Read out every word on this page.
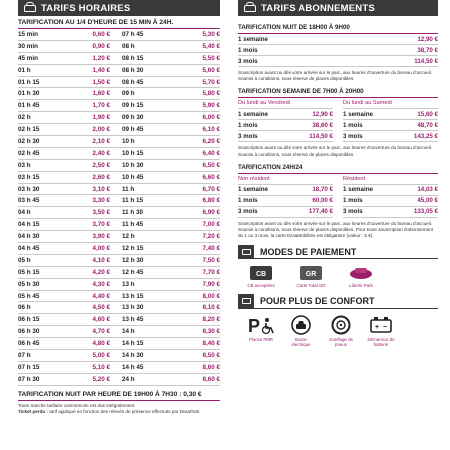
TARIFS HORAIRES
TARIFICATION AU 1/4 D'HEURE DE 15 MIN À 24H.
15 min	0,60 €	07 h 45	5,30 €
30 min	0,90 €	08 h	5,40 €
45 min	1,20 €	08 h 15	5,50 €
01 h	1,40 €	08 h 30	5,60 €
01 h 15	1,50 €	08 h 45	5,70 €
01 h 30	1,60 €	09 h	5,80 €
01 h 45	1,70 €	09 h 15	5,90 €
02 h	1,90 €	09 h 30	6,00 €
02 h 15	2,00 €	09 h 45	6,10 €
02 h 30	2,10 €	10 h	6,20 €
02 h 45	2,40 €	10 h 15	6,40 €
03 h	2,50 €	10 h 30	6,50 €
03 h 15	2,60 €	10 h 45	6,60 €
03 h 30	3,10 €	11 h	6,70 €
03 h 45	3,30 €	11 h 15	6,80 €
04 h	3,50 €	11 h 30	6,90 €
04 h 15	3,70 €	11 h 45	7,00 €
04 h 30	3,90 €	12 h	7,20 €
04 h 45	4,00 €	12 h 15	7,40 €
05 h	4,10 €	12 h 30	7,50 €
05 h 15	4,20 €	12 h 45	7,70 €
05 h 30	4,30 €	13 h	7,90 €
05 h 45	4,40 €	13 h 15	8,00 €
06 h	4,50 €	13 h 30	8,10 €
06 h 15	4,60 €	13 h 45	8,20 €
06 h 30	4,70 €	14 h	8,30 €
06 h 45	4,80 €	14 h 15	8,40 €
07 h	5,00 €	14 h 30	8,50 €
07 h 15	5,10 €	14 h 45	8,60 €
07 h 30	5,20 €	24 h	8,60 €
TARIFICATION NUIT PAR HEURE DE 19H00 À 7H30 : 0,30 €
Toute tranche tarifaire commencée est due intégralement.
Ticket perdu : tarif appliqué en fonction des relevés de présence effectués par DiviaPark.
TARIFS ABONNEMENTS
TARIFICATION NUIT DE 18H00 À 9H00
1 semaine	12,90 €
1 mois	38,70 €
3 mois	114,50 €
Souscription avant ou dès votre arrivée sur le parc, aux heures d'ouverture du bureau d'accueil. Soumis à conditions, sous réserve de places disponibles.
TARIFICATION SEMAINE DE 7H00 À 20H00
Du lundi au Vendredi
1 semaine	12,90 €
1 mois	38,60 €
3 mois	114,50 €
Du lundi au Samedi
1 semaine	15,60 €
1 mois	48,70 €
3 mois	143,25 €
Souscription avant ou dès votre arrivée sur le parc, aux heures d'ouverture du bureau d'accueil. Soumis à conditions, sous réserve de places disponibles.
TARIFICATION 24H/24
Non résident
1 semaine	18,70 €
1 mois	60,00 €
3 mois	177,40 €
Résident
1 semaine	14,03 €
1 mois	45,00 €
3 mois	133,05 €
Souscription avant ou dès votre arrivée sur le parc, aux heures d'ouverture du bureau d'accueil. Soumis à conditions, sous réserve de places disponibles. Pour toute souscription d'abonnement de 1 ou 3 mois, la carte DiviaMobilités est obligatoire (valeur : 5 €).
MODES DE PAIEMENT
CB
CB acceptées
GR
Carte Total GR	Liberté Park
POUR PLUS DE CONFORT
P
Places PMR	Borne électrique
Gonflage de pneus
+ −
Démarreur de batterie
